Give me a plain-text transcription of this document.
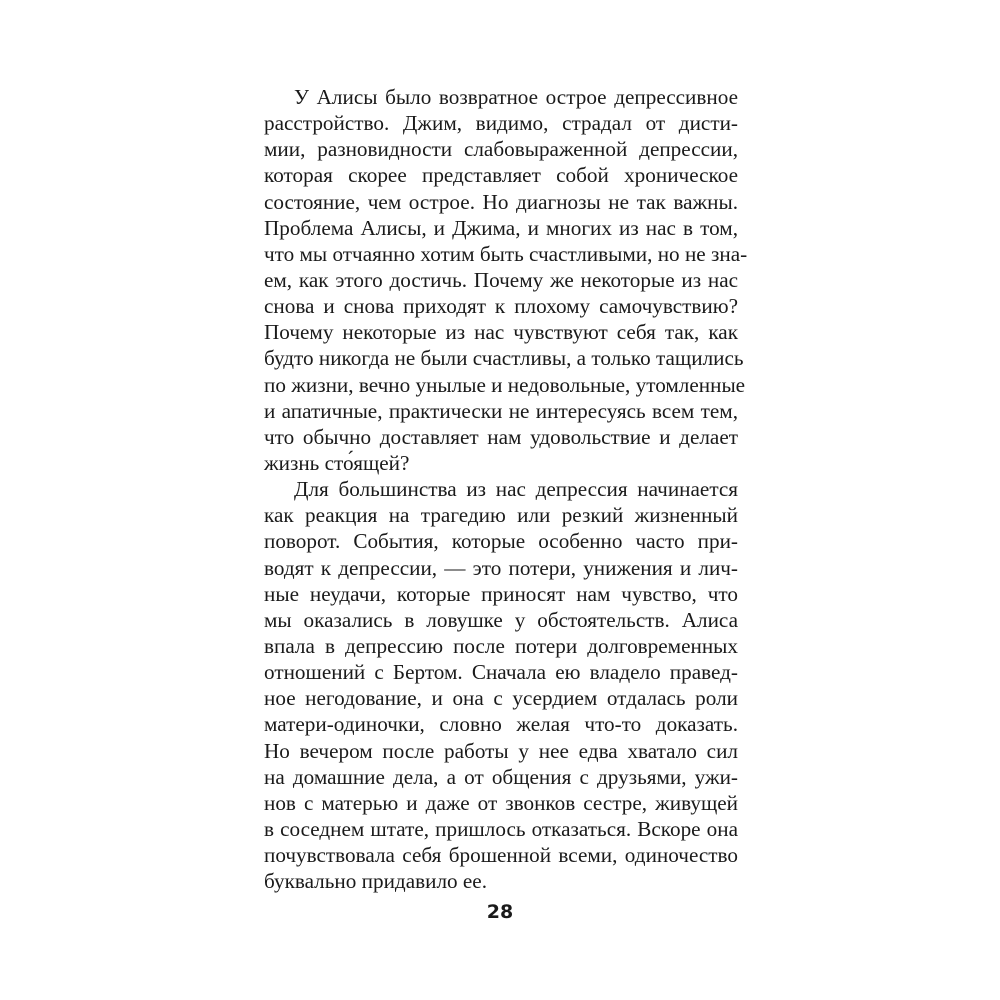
У Алисы было возвратное острое депрессивное
расстройство. Джим, видимо, страдал от дисти-
мии, разновидности слабовыраженной депрессии,
которая скорее представляет собой хроническое
состояние, чем острое. Но диагнозы не так важны.
Проблема Алисы, и Джима, и многих из нас в том,
что мы отчаянно хотим быть счастливыми, но не зна-
ем, как этого достичь. Почему же некоторые из нас
снова и снова приходят к плохому самочувствию?
Почему некоторые из нас чувствуют себя так, как
будто никогда не были счастливы, а только тащились
по жизни, вечно унылые и недовольные, утомленные
и апатичные, практически не интересуясь всем тем,
что обычно доставляет нам удовольствие и делает
жизнь сто́ящей?
Для большинства из нас депрессия начинается
как реакция на трагедию или резкий жизненный
поворот. События, которые особенно часто при-
водят к депрессии, — это потери, унижения и лич-
ные неудачи, которые приносят нам чувство, что
мы оказались в ловушке у обстоятельств. Алиса
впала в депрессию после потери долговременных
отношений с Бертом. Сначала ею владело правед-
ное негодование, и она с усердием отдалась роли
матери-одиночки, словно желая что-то доказать.
Но вечером после работы у нее едва хватало сил
на домашние дела, а от общения с друзьями, ужи-
нов с матерью и даже от звонков сестре, живущей
в соседнем штате, пришлось отказаться. Вскоре она
почувствовала себя брошенной всеми, одиночество
буквально придавило ее.
28
